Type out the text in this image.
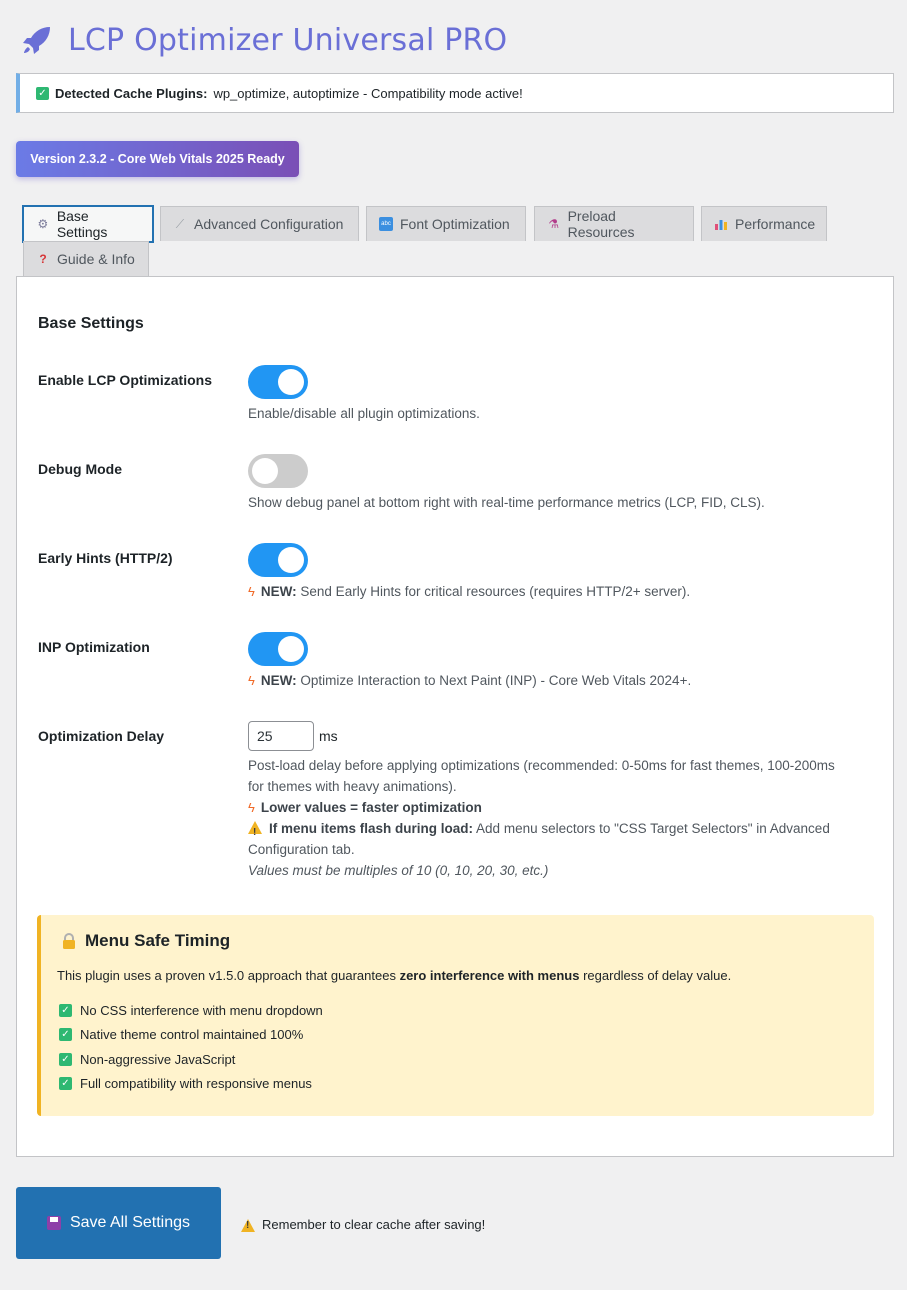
LCP Optimizer Universal PRO
✓ Detected Cache Plugins: wp_optimize, autoptimize - Compatibility mode active!
Version 2.3.2 - Core Web Vitals 2025 Ready
⚙ Base Settings	⟋ Advanced Configuration	abc Font Optimization	⚗ Preload Resources	Performance
? Guide & Info
Base Settings
Enable LCP Optimizations
Enable/disable all plugin optimizations.
Debug Mode
Show debug panel at bottom right with real-time performance metrics (LCP, FID, CLS).
Early Hints (HTTP/2)
ϟ NEW: Send Early Hints for critical resources (requires HTTP/2+ server).
INP Optimization
ϟ NEW: Optimize Interaction to Next Paint (INP) - Core Web Vitals 2024+.
Optimization Delay	25	ms
Post-load delay before applying optimizations (recommended: 0-50ms for fast themes, 100-200ms
for themes with heavy animations).
ϟ Lower values = faster optimization
!If menu items flash during load: Add menu selectors to "CSS Target Selectors" in Advanced
Configuration tab.
Values must be multiples of 10 (0, 10, 20, 30, etc.)
Menu Safe Timing
This plugin uses a proven v1.5.0 approach that guarantees zero interference with menus regardless of delay value.
✓ No CSS interference with menu dropdown
✓ Native theme control maintained 100%
✓ Non-aggressive JavaScript
✓ Full compatibility with responsive menus
Save All Settings
!	Remember to clear cache after saving!
